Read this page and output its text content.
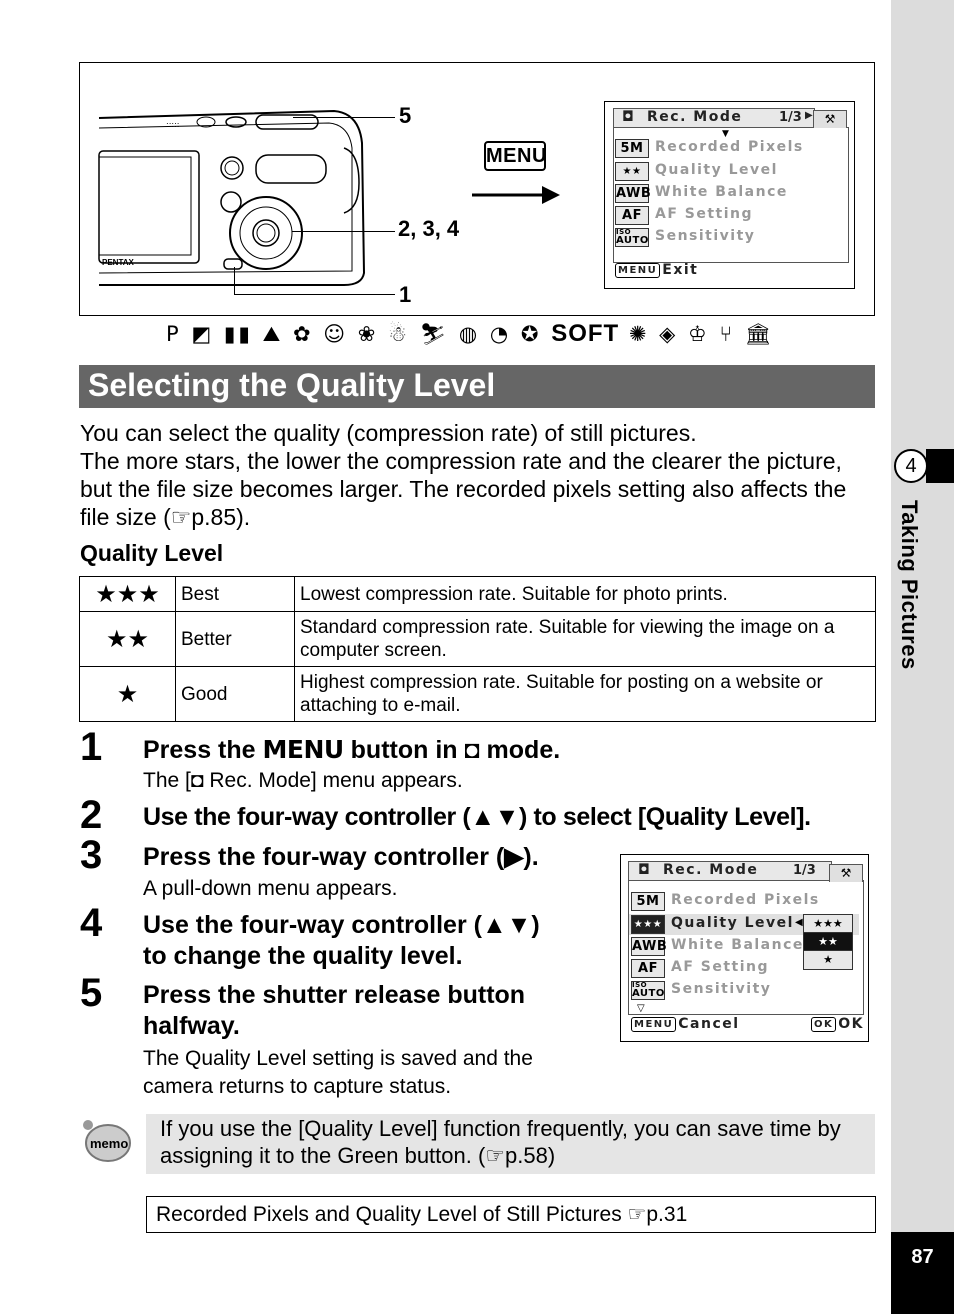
4
Taking Pictures
87
:::::
PENTAX
5
2, 3, 4
1
MENU
◘ Rec. Mode	1/3 ▶ ⚒
▼
5M Recorded Pixels
★★ Quality Level
AWB White Balance
AF AF Setting
ISO
AUTO Sensitivity
MENU Exit
P ◩ ▮▮ ⛰ ✿ ☺ ❀ ☃ ⛷ ◍ ◔ ✪ SOFT ✺ ◈ ♔ ⑂ 🏛
Selecting the Quality Level
You can select the quality (compression rate) of still pictures.
The more stars, the lower the compression rate and the clearer the picture, but the file size becomes larger. The recorded pixels setting also affects the file size (☞p.85).
Quality Level
★★★	Best	Lowest compression rate. Suitable for photo prints.
★★	Better	Standard compression rate. Suitable for viewing the image on a computer screen.
★	Good	Highest compression rate. Suitable for posting on a website or attaching to e-mail.
1 Press the MENU button in ◘ mode.
The [◘ Rec. Mode] menu appears.
2 Use the four-way controller (▲▼) to select [Quality Level].
3 Press the four-way controller (▶).
A pull-down menu appears.
4 Use the four-way controller (▲▼)
to change the quality level.
5 Press the shutter release button
halfway.
The Quality Level setting is saved and the
camera returns to capture status.
◘ Rec. Mode	1/3	⚒
5M Recorded Pixels
★★★ Quality Level ◀
AWB White Balance
AF AF Setting
ISO
AUTO Sensitivity
★★★
★★
★
▽
MENU Cancel	OK OK
memo
If you use the [Quality Level] function frequently, you can save time by assigning it to the Green button. (☞p.58)
Recorded Pixels and Quality Level of Still Pictures ☞p.31
